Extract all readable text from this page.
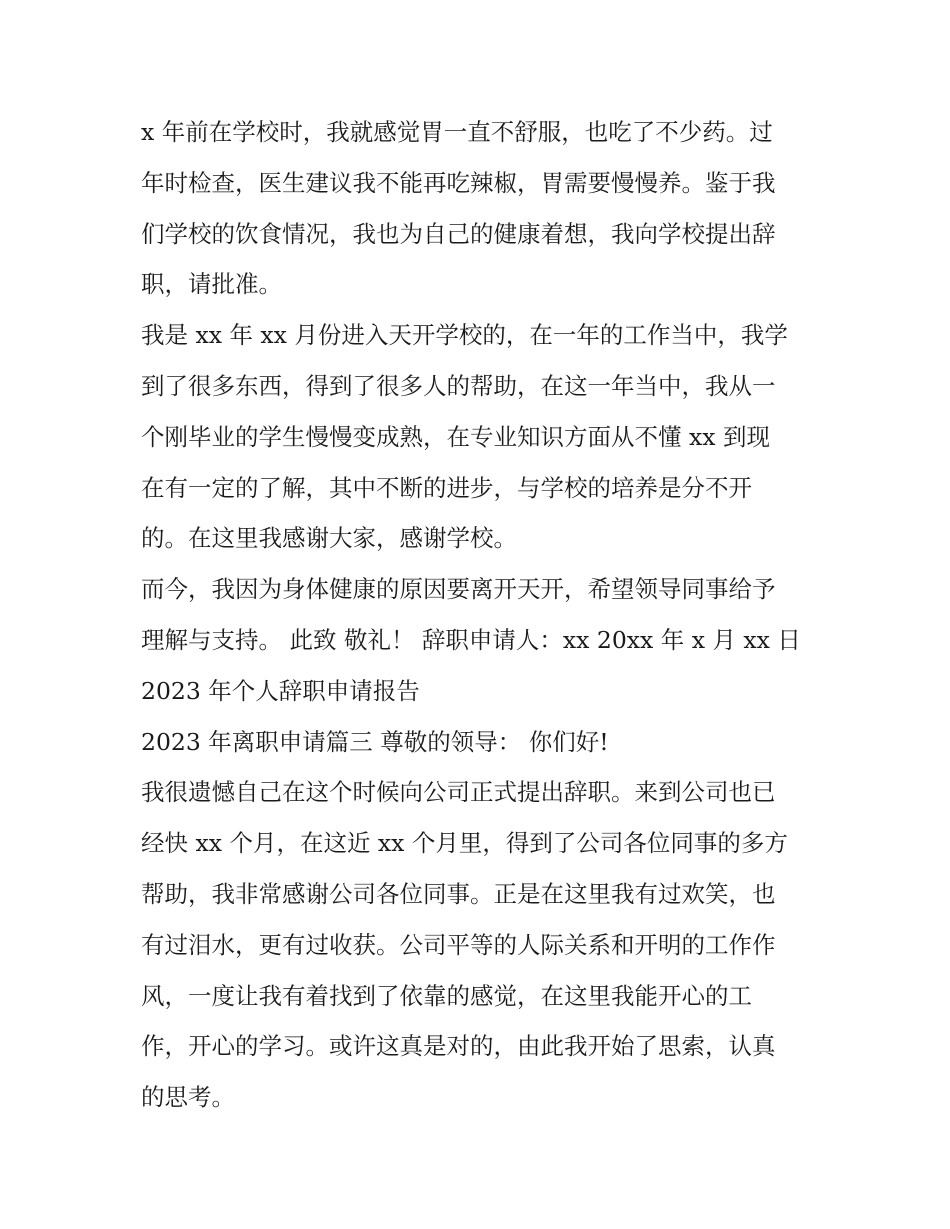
x 年前在学校时，我就感觉胃一直不舒服，也吃了不少药。过
年时检查，医生建议我不能再吃辣椒，胃需要慢慢养。鉴于我
们学校的饮食情况，我也为自己的健康着想，我向学校提出辞
职，请批准。
我是 xx 年 xx 月份进入天开学校的，在一年的工作当中，我学
到了很多东西，得到了很多人的帮助，在这一年当中，我从一
个刚毕业的学生慢慢变成熟，在专业知识方面从不懂 xx 到现
在有一定的了解，其中不断的进步，与学校的培养是分不开
的。在这里我感谢大家，感谢学校。
而今，我因为身体健康的原因要离开天开，希望领导同事给予
理解与支持。 此致 敬礼！ 辞职申请人：xx 20xx 年 x 月 xx 日
2023 年个人辞职申请报告
2023 年离职申请篇三 尊敬的领导： 你们好!
我很遗憾自己在这个时候向公司正式提出辞职。来到公司也已
经快 xx 个月，在这近 xx 个月里，得到了公司各位同事的多方
帮助，我非常感谢公司各位同事。正是在这里我有过欢笑，也
有过泪水，更有过收获。公司平等的人际关系和开明的工作作
风，一度让我有着找到了依靠的感觉，在这里我能开心的工
作，开心的学习。或许这真是对的，由此我开始了思索，认真
的思考。
